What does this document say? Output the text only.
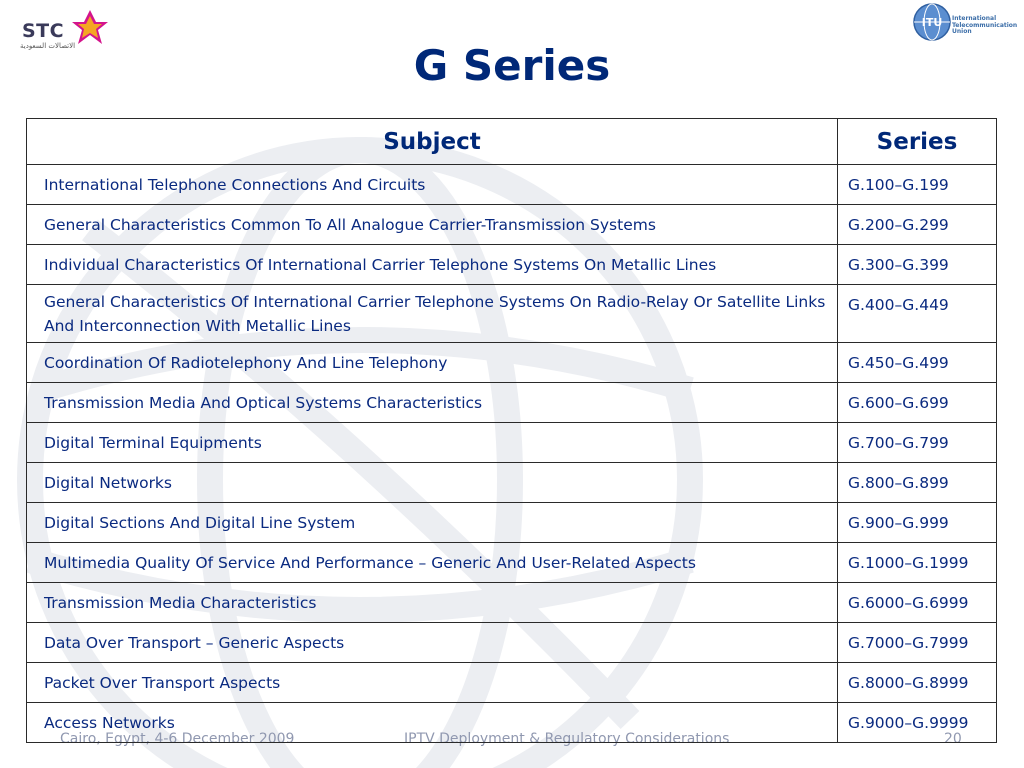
STC
الاتصالات السعودية
ITU International
Telecommunication
Union
G Series
Subject	Series
International Telephone Connections And Circuits	G.100–G.199
General Characteristics Common To All Analogue Carrier-Transmission Systems	G.200–G.299
Individual Characteristics Of International Carrier Telephone Systems On Metallic Lines	G.300–G.399
General Characteristics Of International Carrier Telephone Systems On Radio-Relay Or Satellite Links And Interconnection With Metallic Lines	G.400–G.449
Coordination Of Radiotelephony And Line Telephony	G.450–G.499
Transmission Media And Optical Systems Characteristics	G.600–G.699
Digital Terminal Equipments	G.700–G.799
Digital Networks	G.800–G.899
Digital Sections And Digital Line System	G.900–G.999
Multimedia Quality Of Service And Performance – Generic And User-Related Aspects	G.1000–G.1999
Transmission Media Characteristics	G.6000–G.6999
Data Over Transport – Generic Aspects	G.7000–G.7999
Packet Over Transport Aspects	G.8000–G.8999
Access Networks	G.9000–G.9999
Cairo, Egypt, 4-6 December 2009	IPTV Deployment & Regulatory Considerations	20
